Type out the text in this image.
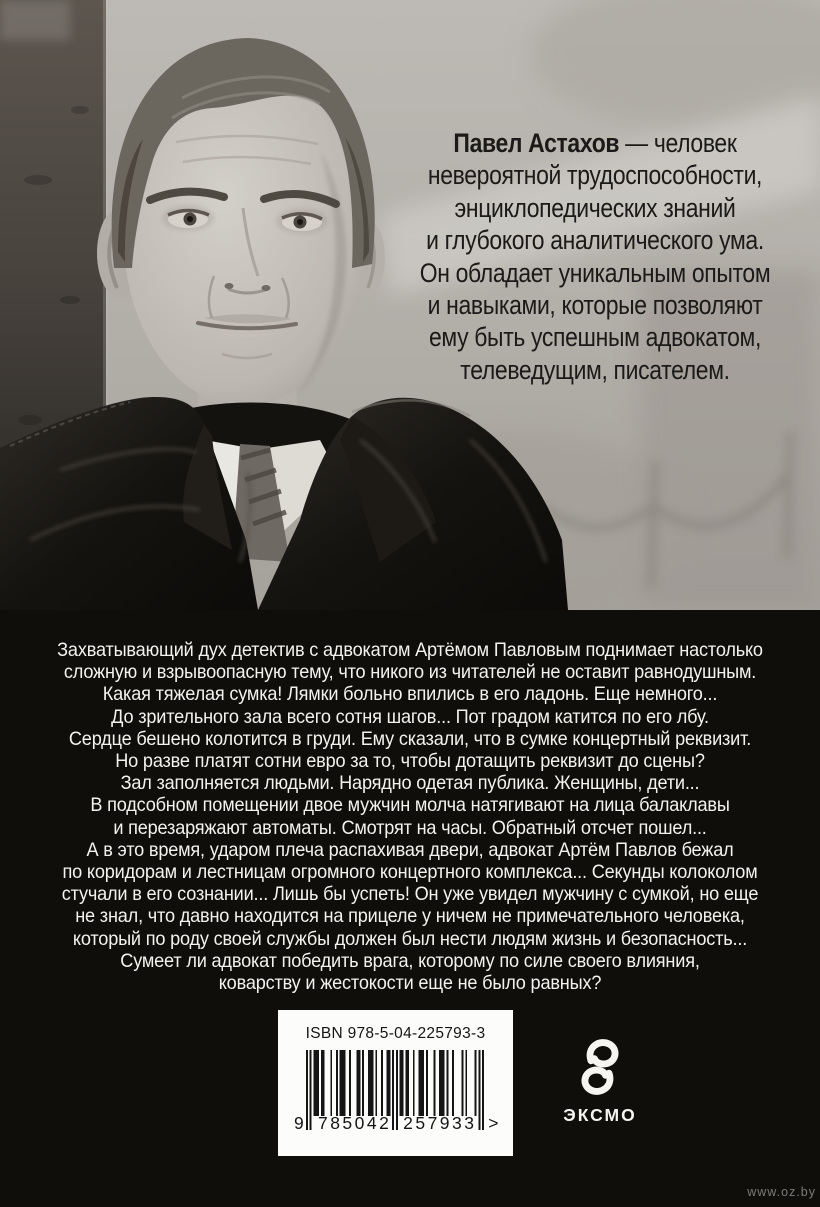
Павел Астахов — человек
невероятной трудоспособности,
энциклопедических знаний
и глубокого аналитического ума.
Он обладает уникальным опытом
и навыками, которые позволяют
ему быть успешным адвокатом,
телеведущим, писателем.
Захватывающий дух детектив с адвокатом Артёмом Павловым поднимает настолько
сложную и взрывоопасную тему, что никого из читателей не оставит равнодушным.
Какая тяжелая сумка! Лямки больно впились в его ладонь. Еще немного...
До зрительного зала всего сотня шагов... Пот градом катится по его лбу.
Сердце бешено колотится в груди. Ему сказали, что в сумке концертный реквизит.
Но разве платят сотни евро за то, чтобы дотащить реквизит до сцены?
Зал заполняется людьми. Нарядно одетая публика. Женщины, дети...
В подсобном помещении двое мужчин молча натягивают на лица балаклавы
и перезаряжают автоматы. Смотрят на часы. Обратный отсчет пошел...
А в это время, ударом плеча распахивая двери, адвокат Артём Павлов бежал
по коридорам и лестницам огромного концертного комплекса... Секунды колоколом
стучали в его сознании... Лишь бы успеть! Он уже увидел мужчину с сумкой, но еще
не знал, что давно находится на прицеле у ничем не примечательного человека,
который по роду своей службы должен был нести людям жизнь и безопасность...
Сумеет ли адвокат победить врага, которому по силе своего влияния,
коварству и жестокости еще не было равных?
ISBN 978-5-04-225793-3
9 785042 257933 >	ЭКСМО
www.oz.by
